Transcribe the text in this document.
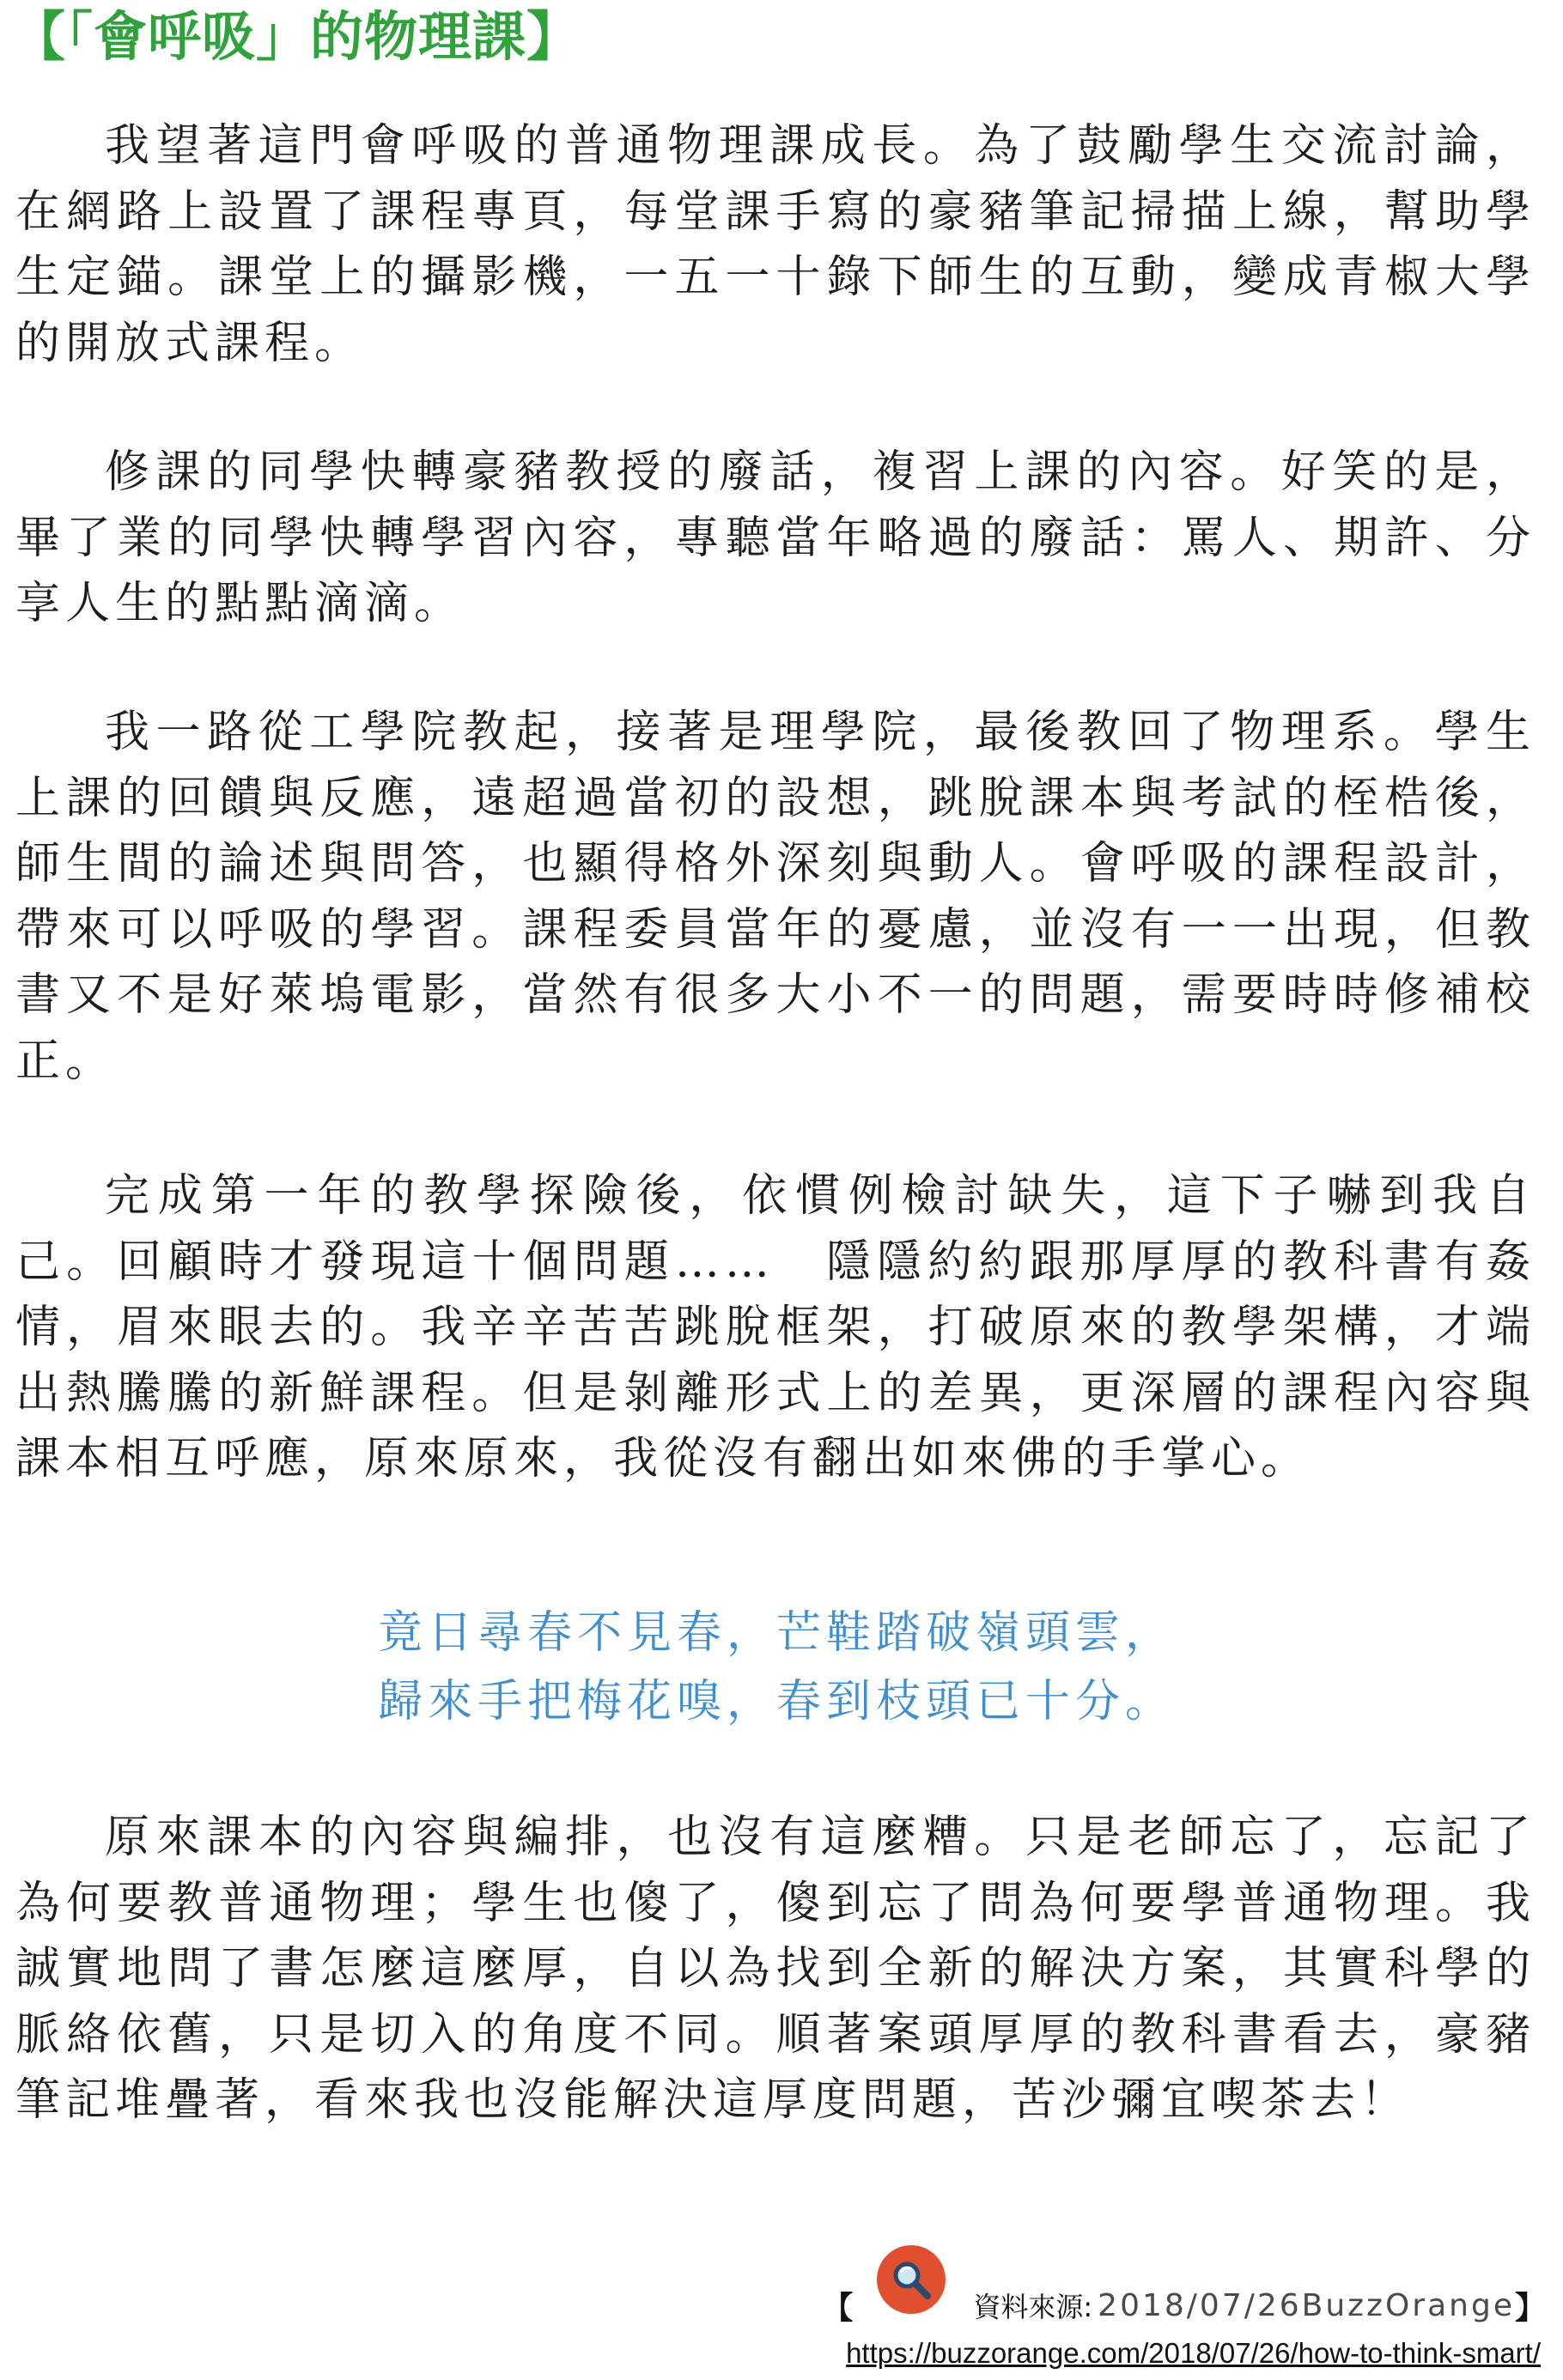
【「會呼吸」的物理課】

我望著這門會呼吸的普通物理課成長。為了鼓勵學生交流討論，在網路上設置了課程專頁，每堂課手寫的豪豬筆記掃描上線，幫助學生定錨。課堂上的攝影機，一五一十錄下師生的互動，變成青椒大學的開放式課程。

修課的同學快轉豪豬教授的廢話，複習上課的內容。好笑的是，畢了業的同學快轉學習內容，專聽當年略過的廢話：罵人、期許、分享人生的點點滴滴。

我一路從工學院教起，接著是理學院，最後教回了物理系。學生上課的回饋與反應，遠超過當初的設想，跳脫課本與考試的桎梏後，師生間的論述與問答，也顯得格外深刻與動人。會呼吸的課程設計，帶來可以呼吸的學習。課程委員當年的憂慮，並沒有一一出現，但教書又不是好萊塢電影，當然有很多大小不一的問題，需要時時修補校正。

完成第一年的教學探險後，依慣例檢討缺失，這下子嚇到我自己。回顧時才發現這十個問題……　隱隱約約跟那厚厚的教科書有姦情，眉來眼去的。我辛辛苦苦跳脫框架，打破原來的教學架構，才端出熱騰騰的新鮮課程。但是剝離形式上的差異，更深層的課程內容與課本相互呼應，原來原來，我從沒有翻出如來佛的手掌心。

竟日尋春不見春，芒鞋踏破嶺頭雲，
歸來手把梅花嗅，春到枝頭已十分。

原來課本的內容與編排，也沒有這麼糟。只是老師忘了，忘記了為何要教普通物理；學生也傻了，傻到忘了問為何要學普通物理。我誠實地問了書怎麼這麼厚，自以為找到全新的解決方案，其實科學的脈絡依舊，只是切入的角度不同。順著案頭厚厚的教科書看去，豪豬筆記堆疊著，看來我也沒能解決這厚度問題，苦沙彌宜喫茶去！

【	資料來源: 2018/07/26BuzzOrange 】
https://buzzorange.com/2018/07/26/how-to-think-smart/
